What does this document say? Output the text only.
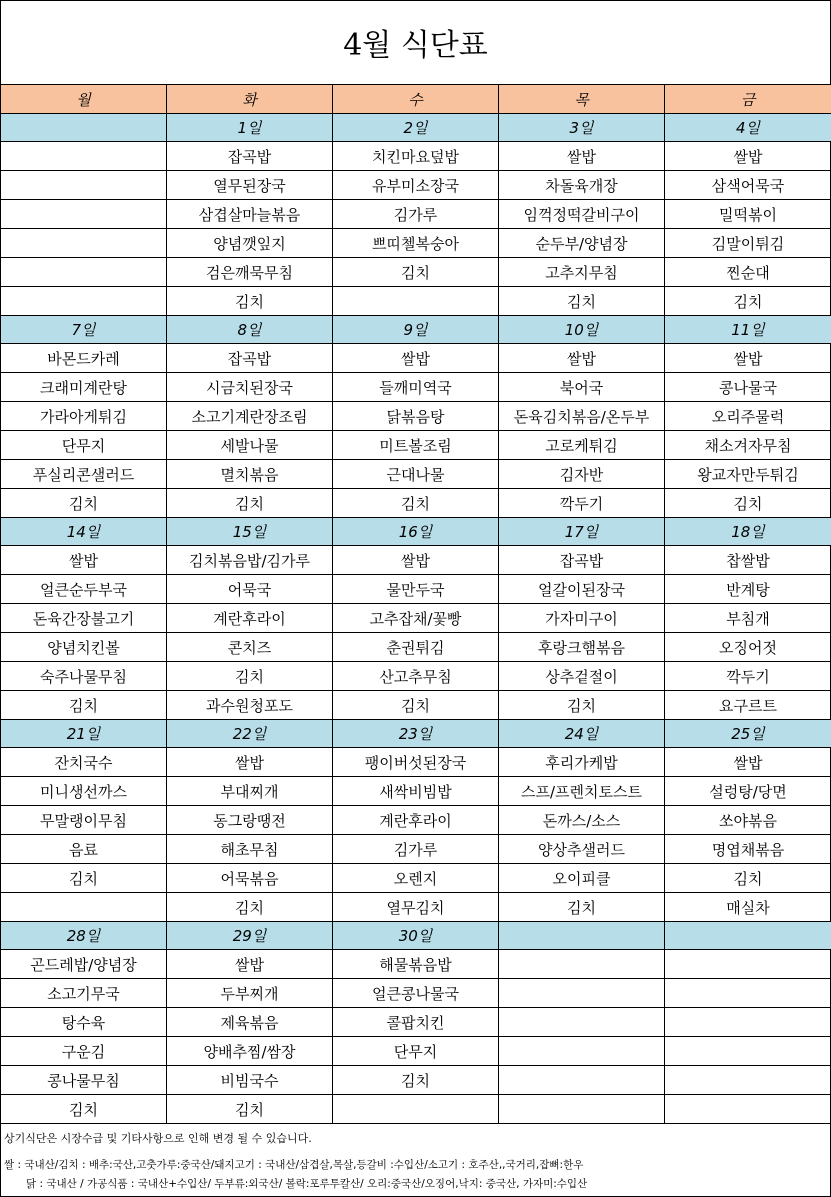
4월 식단표
월	화	수	목	금
	1일	2일	3일	4일
	잡곡밥	치킨마요덮밥	쌀밥	쌀밥
	열무된장국	유부미소장국	차돌육개장	삼색어묵국
	삼겹살마늘볶음	김가루	임꺽정떡갈비구이	밀떡볶이
	양념깻잎지	쁘띠첼복숭아	순두부/양념장	김말이튀김
	검은깨묵무침	김치	고추지무침	찐순대
	김치		김치	김치
7일	8일	9일	10일	11일
바몬드카레	잡곡밥	쌀밥	쌀밥	쌀밥
크래미계란탕	시금치된장국	들깨미역국	북어국	콩나물국
가라아게튀김	소고기계란장조림	닭볶음탕	돈육김치볶음/온두부	오리주물럭
단무지	세발나물	미트볼조림	고로케튀김	채소겨자무침
푸실리콘샐러드	멸치볶음	근대나물	김자반	왕교자만두튀김
김치	김치	김치	깍두기	김치
14일	15일	16일	17일	18일
쌀밥	김치볶음밥/김가루	쌀밥	잡곡밥	찹쌀밥
얼큰순두부국	어묵국	물만두국	얼갈이된장국	반계탕
돈육간장불고기	계란후라이	고추잡채/꽃빵	가자미구이	부침개
양념치킨볼	콘치즈	춘권튀김	후랑크햄볶음	오징어젓
숙주나물무침	김치	산고추무침	상추겉절이	깍두기
김치	과수원청포도	김치	김치	요구르트
21일	22일	23일	24일	25일
잔치국수	쌀밥	팽이버섯된장국	후리가케밥	쌀밥
미니생선까스	부대찌개	새싹비빔밥	스프/프렌치토스트	설렁탕/당면
무말랭이무침	동그랑땡전	계란후라이	돈까스/소스	쏘야볶음
음료	해초무침	김가루	양상추샐러드	명엽채볶음
김치	어묵볶음	오렌지	오이피클	김치
	김치	열무김치	김치	매실차
28일	29일	30일		
곤드레밥/양념장	쌀밥	해물볶음밥		
소고기무국	두부찌개	얼큰콩나물국		
탕수육	제육볶음	콜팝치킨		
구운김	양배추찜/쌈장	단무지		
콩나물무침	비빔국수	김치		
김치	김치			
상기식단은 시장수급 및 기타사항으로 인해 변경 될 수 있습니다.
쌀 : 국내산/김치 : 배추:국산,고춧가루:중국산/돼지고기 : 국내산/삼겹살,목살,등갈비 :수입산/소고기 : 호주산,,국거리,잡뼈:한우
닭 : 국내산 / 가공식품 : 국내산+수입산/ 두부류:외국산/ 볼락:포루투칼산/ 오리:중국산/오징어,낙지: 중국산, 가자미:수입산
